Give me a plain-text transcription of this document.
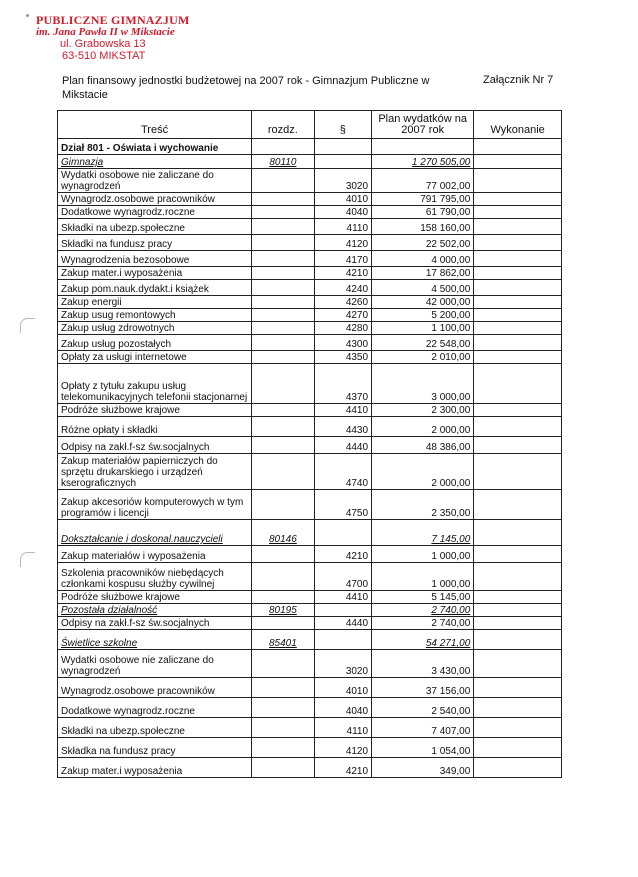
PUBLICZNE GIMNAZJUM
im. Jana Pawła II w Mikstacie
ul. Grabowska 13
63-510 MIKSTAT
Plan finansowy jednostki budżetowej na 2007 rok - Gimnazjum Publiczne w Mikstacie
Załącznik Nr 7
Treść	rozdz.	§	Plan wydatków na 2007 rok	Wykonanie
Dział 801 - Oświata i wychowanie				
Gimnazja	80110		1 270 505,00	
Wydatki osobowe nie zaliczane do wynagrodzeń		3020	77 002,00	
Wynagrodz.osobowe pracowników		4010	791 795,00	
Dodatkowe wynagrodz.roczne		4040	61 790,00	
Składki na ubezp.społeczne		4110	158 160,00	
Składki na fundusz pracy		4120	22 502,00	
Wynagrodzenia bezosobowe		4170	4 000,00	
Zakup mater.i wyposażenia		4210	17 862,00	
Zakup pom.nauk.dydakt.i książek		4240	4 500,00	
Zakup energii		4260	42 000,00	
Zakup usug remontowych		4270	5 200,00	
Zakup usług zdrowotnych		4280	1 100,00	
Zakup usług pozostałych		4300	22 548,00	
Opłaty za usługi internetowe		4350	2 010,00	
Opłaty z tytułu zakupu usług telekomunikacyjnych telefonii stacjonarnej		4370	3 000,00	
Podróże służbowe krajowe		4410	2 300,00	
Różne opłaty i składki		4430	2 000,00	
Odpisy na zakł.f-sz św.socjalnych		4440	48 386,00	
Zakup materiałów papierniczych do sprzętu drukarskiego i urządzeń kserograficznych		4740	2 000,00	
Zakup akcesoriów komputerowych w tym programów i licencji		4750	2 350,00	
Dokształcanie i doskonal.nauczycieli	80146		7 145,00	
Zakup materiałów i wyposażenia		4210	1 000,00	
Szkolenia pracowników niebędących członkami kospusu służby cywilnej		4700	1 000,00	
Podróże służbowe krajowe		4410	5 145,00	
Pozostała działalność	80195		2 740,00	
Odpisy na zakł.f-sz św.socjalnych		4440	2 740,00	
Świetlice szkolne	85401		54 271,00	
Wydatki osobowe nie zaliczane do wynagrodzeń		3020	3 430,00	
Wynagrodz.osobowe pracowników		4010	37 156,00	
Dodatkowe wynagrodz.roczne		4040	2 540,00	
Składki na ubezp.społeczne		4110	7 407,00	
Składka na fundusz pracy		4120	1 054,00	
Zakup mater.i wyposażenia		4210	349,00	
